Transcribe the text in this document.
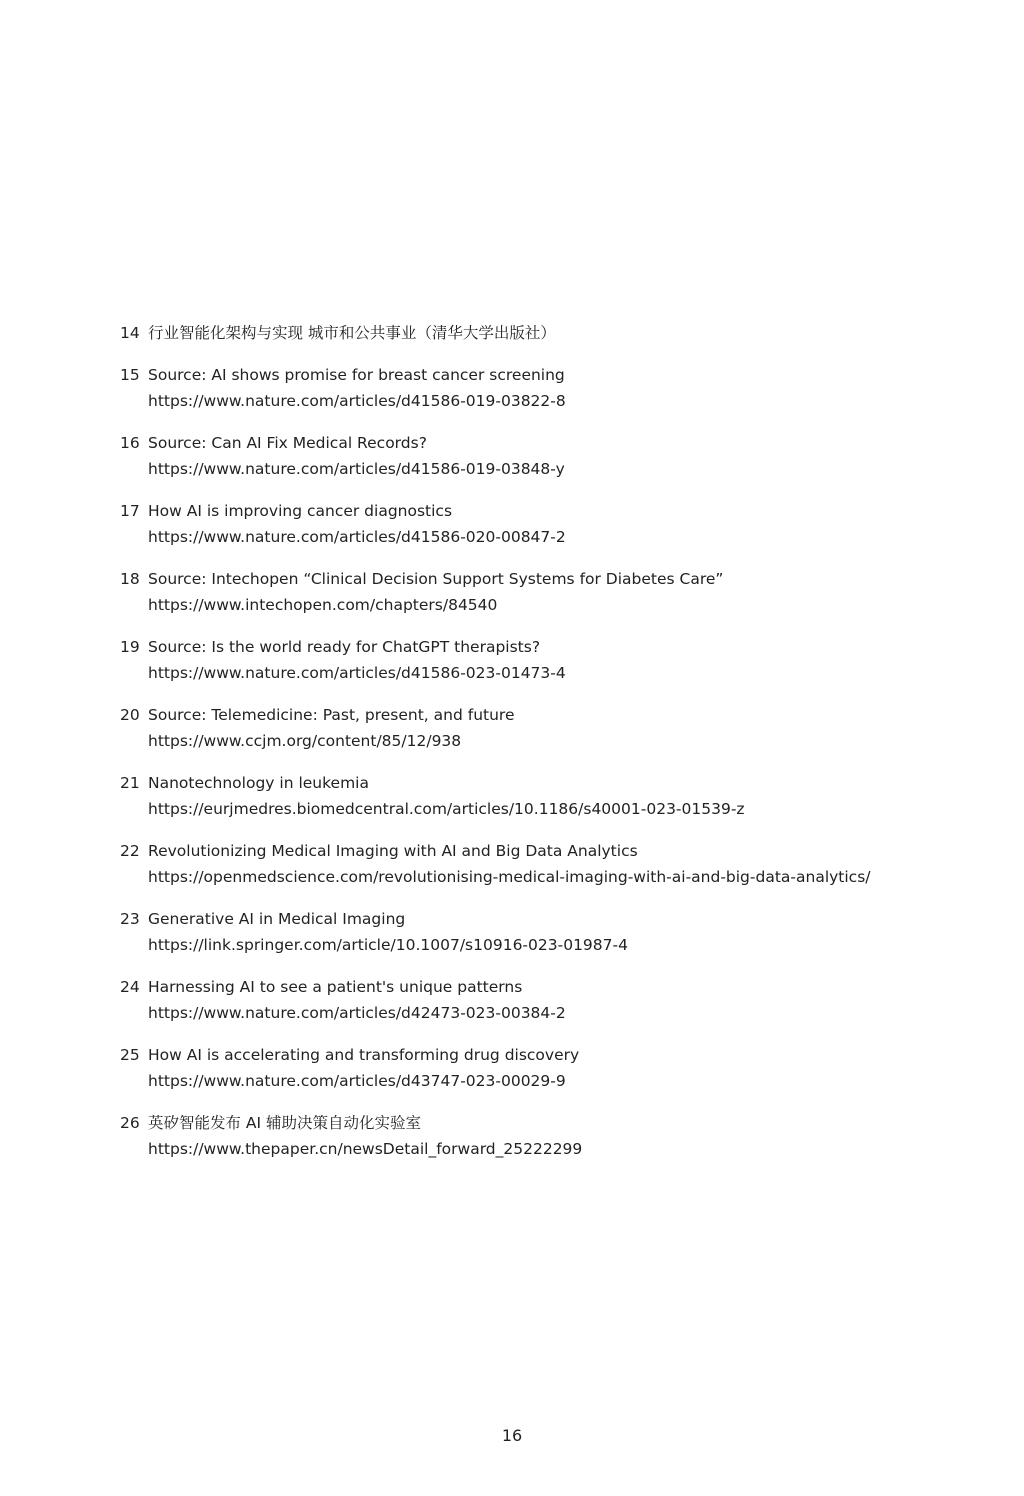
14 行业智能化架构与实现 城市和公共事业（清华大学出版社）
15 Source: AI shows promise for breast cancer screening
https://www.nature.com/articles/d41586-019-03822-8
16 Source: Can AI Fix Medical Records?
https://www.nature.com/articles/d41586-019-03848-y
17 How AI is improving cancer diagnostics
https://www.nature.com/articles/d41586-020-00847-2
18 Source: Intechopen “Clinical Decision Support Systems for Diabetes Care”
https://www.intechopen.com/chapters/84540
19 Source: Is the world ready for ChatGPT therapists?
https://www.nature.com/articles/d41586-023-01473-4
20 Source: Telemedicine: Past, present, and future
https://www.ccjm.org/content/85/12/938
21 Nanotechnology in leukemia
https://eurjmedres.biomedcentral.com/articles/10.1186/s40001-023-01539-z
22 Revolutionizing Medical Imaging with AI and Big Data Analytics
https://openmedscience.com/revolutionising-medical-imaging-with-ai-and-big-data-analytics/
23 Generative AI in Medical Imaging
https://link.springer.com/article/10.1007/s10916-023-01987-4
24 Harnessing AI to see a patient's unique patterns
https://www.nature.com/articles/d42473-023-00384-2
25 How AI is accelerating and transforming drug discovery
https://www.nature.com/articles/d43747-023-00029-9
26 英矽智能发布 AI 辅助决策自动化实验室
https://www.thepaper.cn/newsDetail_forward_25222299
16
